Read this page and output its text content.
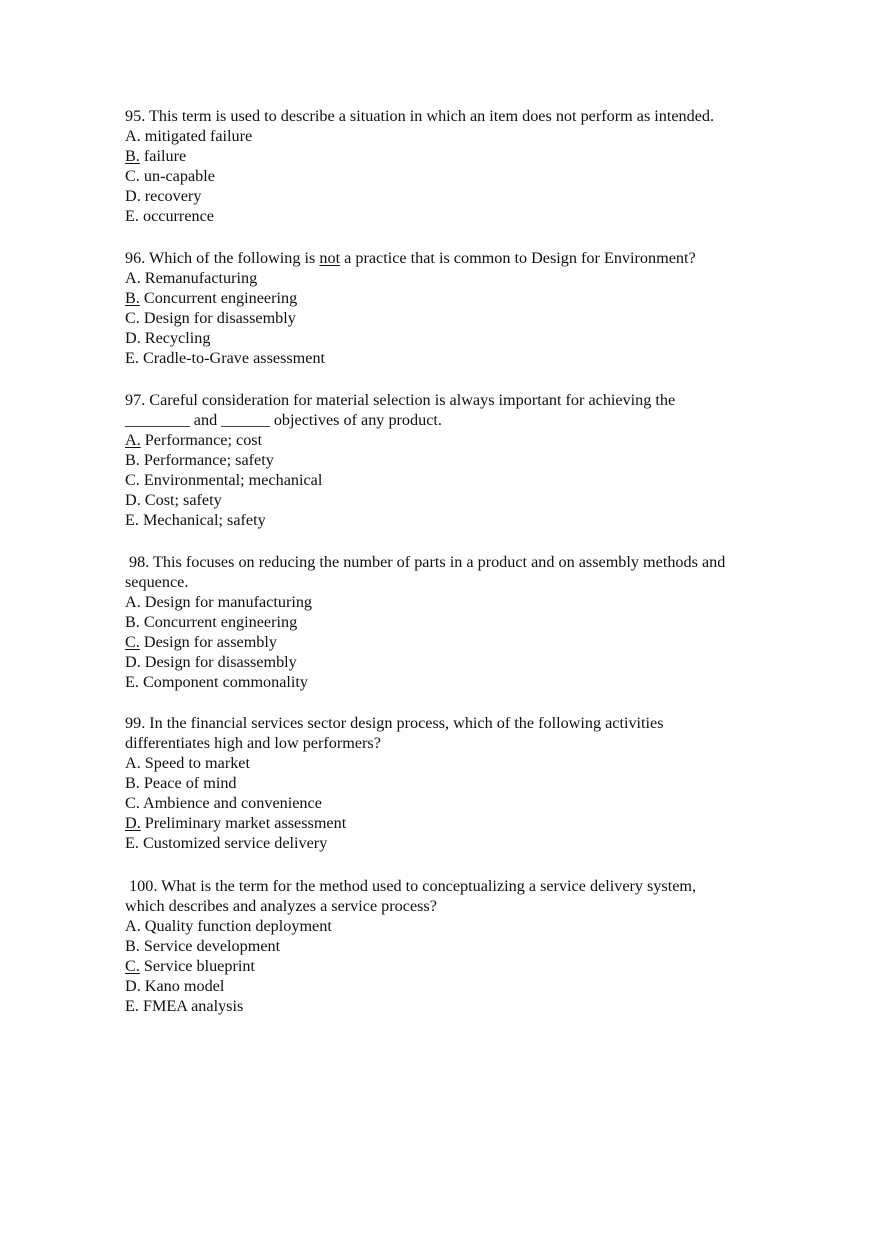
95. This term is used to describe a situation in which an item does not perform as intended.

A. mitigated failure

B. failure

C. un-capable

D. recovery

E. occurrence

96. Which of the following is not a practice that is common to Design for Environment?

A. Remanufacturing

B. Concurrent engineering

C. Design for disassembly

D. Recycling

E. Cradle-to-Grave assessment

97. Careful consideration for material selection is always important for achieving the

________ and ______ objectives of any product.

A. Performance; cost

B. Performance; safety

C. Environmental; mechanical

D. Cost; safety

E. Mechanical; safety

98. This focuses on reducing the number of parts in a product and on assembly methods and

sequence.

A. Design for manufacturing

B. Concurrent engineering

C. Design for assembly

D. Design for disassembly

E. Component commonality

99. In the financial services sector design process, which of the following activities

differentiates high and low performers?

A. Speed to market

B. Peace of mind

C. Ambience and convenience

D. Preliminary market assessment

E. Customized service delivery

100. What is the term for the method used to conceptualizing a service delivery system,

which describes and analyzes a service process?

A. Quality function deployment

B. Service development

C. Service blueprint

D. Kano model

E. FMEA analysis
